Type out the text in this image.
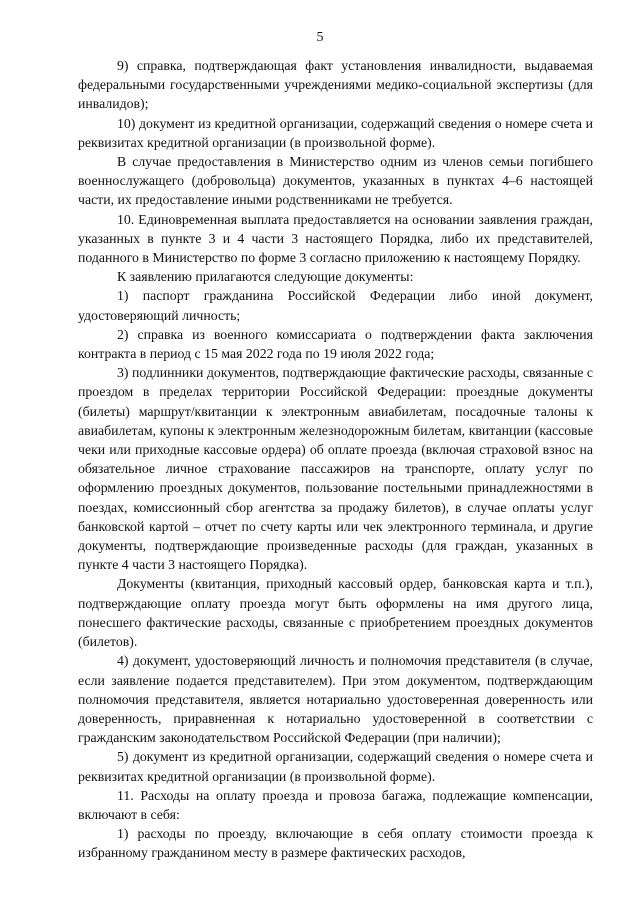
5

9) справка, подтверждающая факт установления инвалидности, выдаваемая федеральными государственными учреждениями медико-социальной экспертизы (для инвалидов);

10) документ из кредитной организации, содержащий сведения о номере счета и реквизитах кредитной организации (в произвольной форме).

В случае предоставления в Министерство одним из членов семьи погибшего военнослужащего (добровольца) документов, указанных в пунктах 4–6 настоящей части, их предоставление иными родственниками не требуется.

10. Единовременная выплата предоставляется на основании заявления граждан, указанных в пункте 3 и 4 части 3 настоящего Порядка, либо их представителей, поданного в Министерство по форме 3 согласно приложению к настоящему Порядку.

К заявлению прилагаются следующие документы:

1) паспорт гражданина Российской Федерации либо иной документ, удостоверяющий личность;

2) справка из военного комиссариата о подтверждении факта заключения контракта в период с 15 мая 2022 года по 19 июля 2022 года;

3) подлинники документов, подтверждающие фактические расходы, связанные с проездом в пределах территории Российской Федерации: проездные документы (билеты) маршрут/квитанции к электронным авиабилетам, посадочные талоны к авиабилетам, купоны к электронным железнодорожным билетам, квитанции (кассовые чеки или приходные кассовые ордера) об оплате проезда (включая страховой взнос на обязательное личное страхование пассажиров на транспорте, оплату услуг по оформлению проездных документов, пользование постельными принадлежностями в поездах, комиссионный сбор агентства за продажу билетов), в случае оплаты услуг банковской картой – отчет по счету карты или чек электронного терминала, и другие документы, подтверждающие произведенные расходы (для граждан, указанных в пункте 4 части 3 настоящего Порядка).

Документы (квитанция, приходный кассовый ордер, банковская карта и т.п.), подтверждающие оплату проезда могут быть оформлены на имя другого лица, понесшего фактические расходы, связанные с приобретением проездных документов (билетов).

4) документ, удостоверяющий личность и полномочия представителя (в случае, если заявление подается представителем). При этом документом, подтверждающим полномочия представителя, является нотариально удостоверенная доверенность или доверенность, приравненная к нотариально удостоверенной в соответствии с гражданским законодательством Российской Федерации (при наличии);

5) документ из кредитной организации, содержащий сведения о номере счета и реквизитах кредитной организации (в произвольной форме).

11. Расходы на оплату проезда и провоза багажа, подлежащие компенсации, включают в себя:

1) расходы по проезду, включающие в себя оплату стоимости проезда к избранному гражданином месту в размере фактических расходов,
